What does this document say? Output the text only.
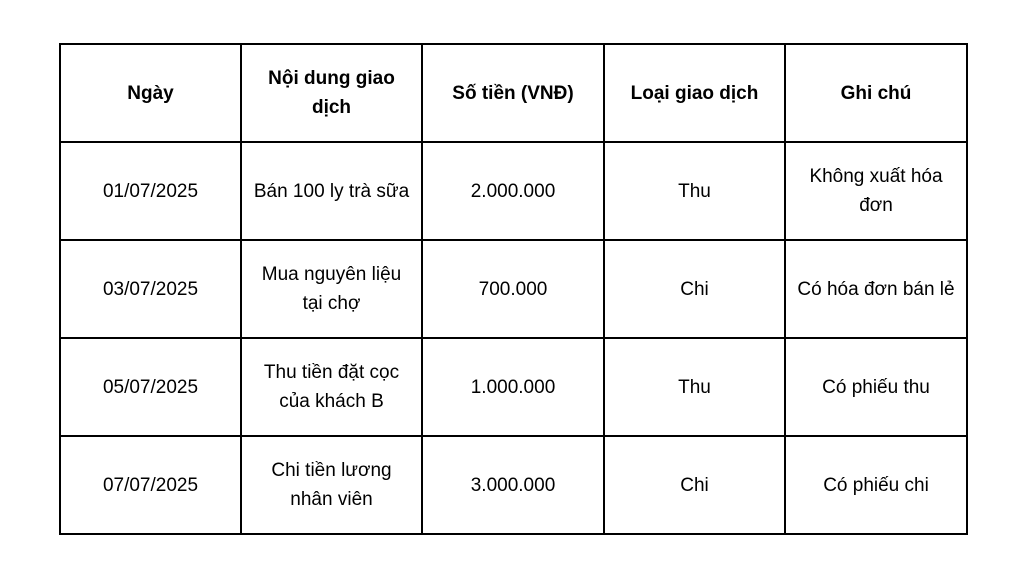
Ngày	Nội dung giao dịch	Số tiền (VNĐ)	Loại giao dịch	Ghi chú
01/07/2025	Bán 100 ly trà sữa	2.000.000	Thu	Không xuất hóa đơn
03/07/2025	Mua nguyên liệu tại chợ	700.000	Chi	Có hóa đơn bán lẻ
05/07/2025	Thu tiền đặt cọc của khách B	1.000.000	Thu	Có phiếu thu
07/07/2025	Chi tiền lương nhân viên	3.000.000	Chi	Có phiếu chi
